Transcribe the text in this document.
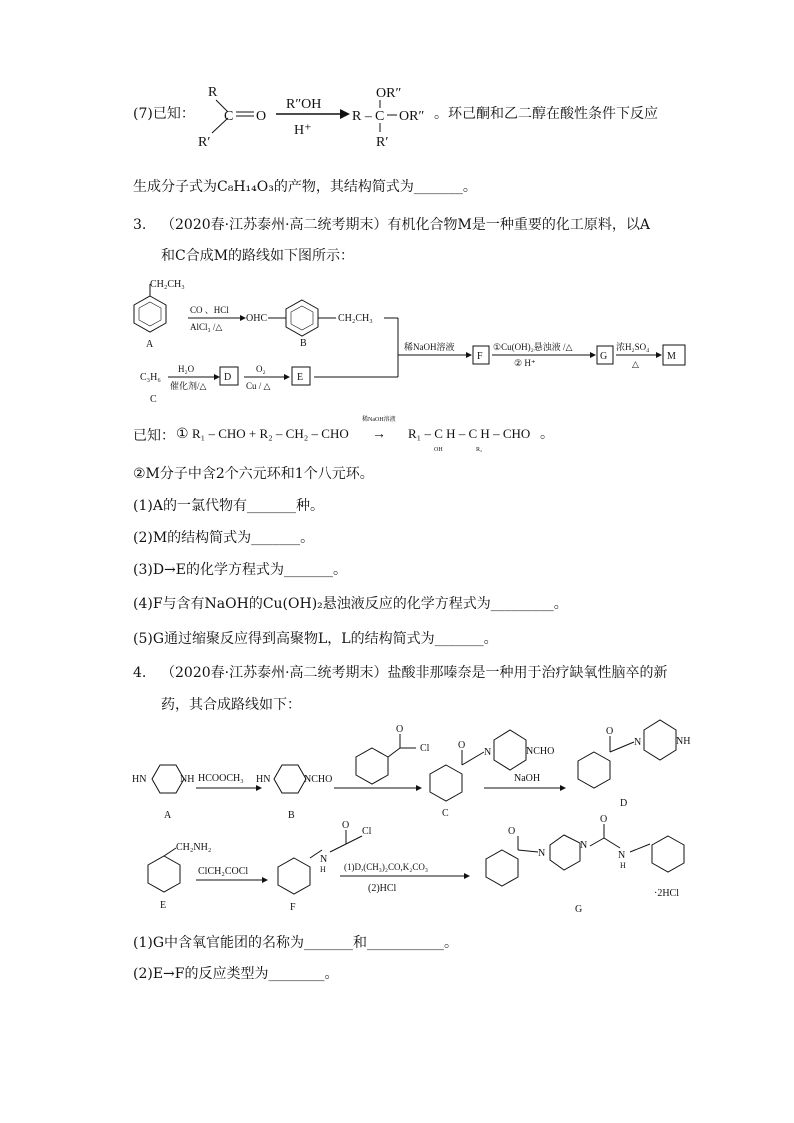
(7)已知：
R
R′
C O
R″OH
H⁺
R – C
OR″
R′
OR″
CH₂CH₃
A
CO 、HCl
AlCl₃ /△
OHC	CH₂CH₃
B
C₃H₆
C
H₂O
催化剂/△
D
O₂
Cu / △
E
稀NaOH溶液
F
①Cu(OH)₂悬浊液 /△
② H⁺
G
浓H₂SO₄
△
M
① R₁ – CHO + R₂ – CH₂ – CHO
稀NaOH溶液
→ R₁ – C H – C H – CHO
OH	R₂
。
HN	NH
A
HCOOCH₃ HN	NCHO
B
O
Cl	O
N	NCHO
C
NaOH
O
N	NH
D
CH₂NH₂
E
ClCH₂COCl
N
H
O
Cl
F
(1)D,(CH₃)₂CO,K₂CO₃
(2)HCl
O
N
N
O
N
H
G
·2HCl
。环己酮和乙二醇在酸性条件下反应
生成分子式为C₈H₁₄O₃的产物，其结构简式为_______。
3. （2020春·江苏泰州·高二统考期末）有机化合物M是一种重要的化工原料，以A
和C合成M的路线如下图所示：
已知：
②M分子中含2个六元环和1个八元环。
(1)A的一氯代物有_______种。
(2)M的结构简式为_______。
(3)D→E的化学方程式为_______。
(4)F与含有NaOH的Cu(OH)₂悬浊液反应的化学方程式为_________。
(5)G通过缩聚反应得到高聚物L，L的结构简式为_______。
4. （2020春·江苏泰州·高二统考期末）盐酸非那嗪奈是一种用于治疗缺氧性脑卒的新
药，其合成路线如下：
(1)G中含氧官能团的名称为_______和___________。
(2)E→F的反应类型为________。
